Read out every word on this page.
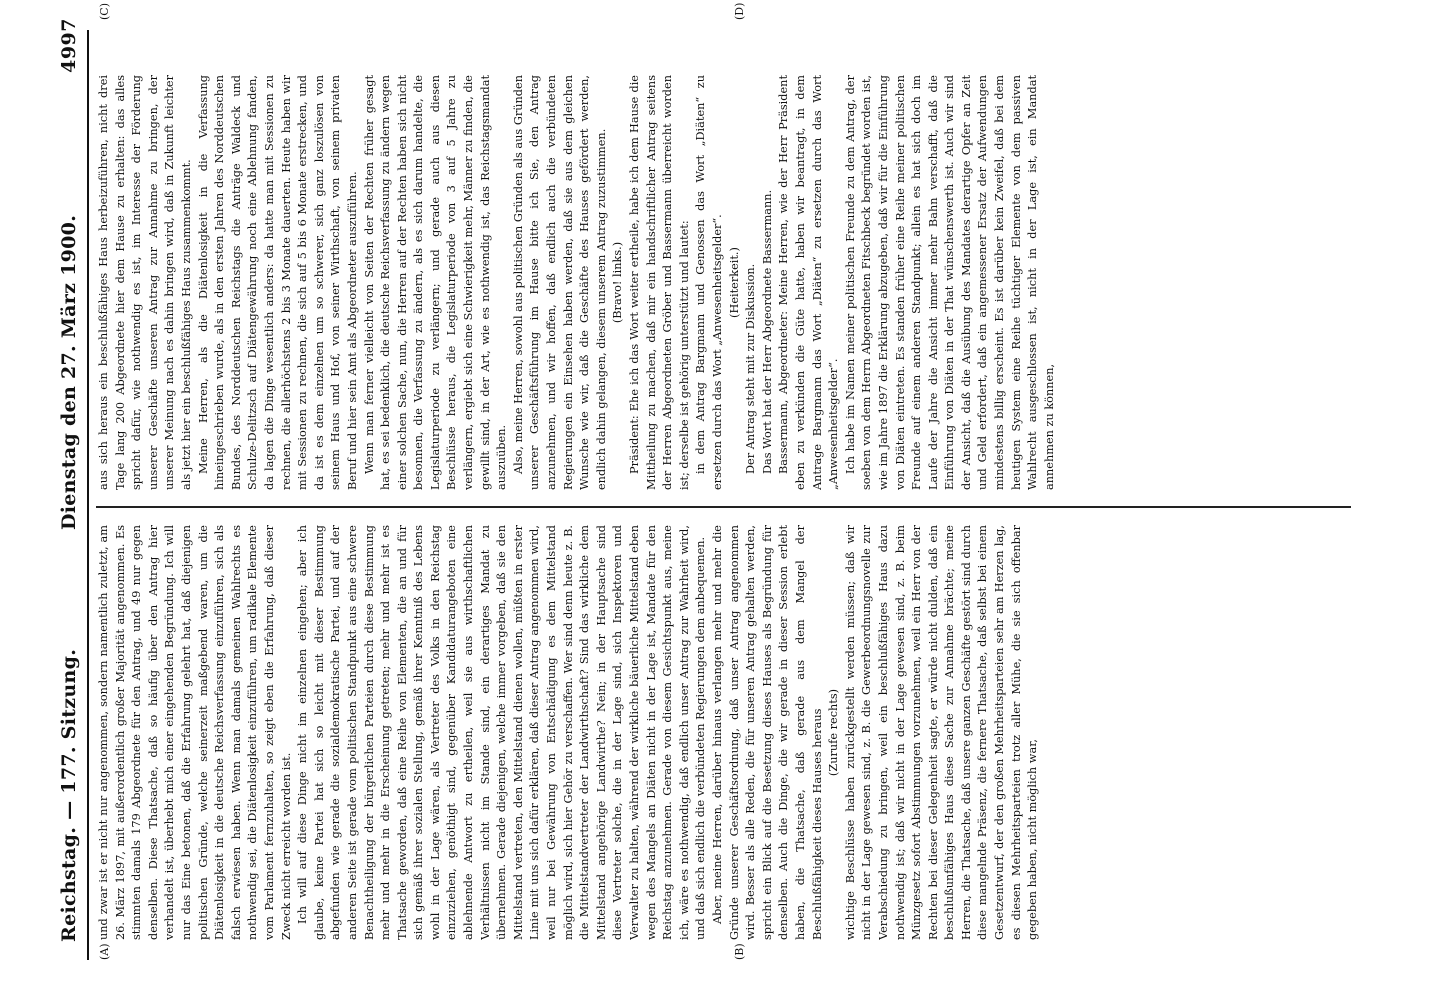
Reichstag. — 177. Sitzung.
Dienstag den 27. März 1900.
4997
(A)	(B)
(C)	(D)

und zwar ist er nicht nur angenommen, sondern namentlich zuletzt, am 26. März 1897, mit außerordentlich großer Majorität angenommen. Es stimmten damals 179 Abgeordnete für den Antrag, und 49 nur gegen denselben. Diese Thatsache, daß so häufig über den Antrag hier verhandelt ist, überhebt mich einer eingehenden Begründung. Ich will nur das Eine betonen, daß die Erfahrung gelehrt hat, daß diejenigen politischen Gründe, welche seinerzeit maßgebend waren, um die Diätenlosigkeit in die deutsche Reichsverfassung einzuführen, sich als falsch erwiesen haben. Wenn man damals gemeinen Wahlrechts es nothwendig sei, die Diätenlosigkeit einzuführen, um radikale Elemente vom Parlament fernzuhalten, so zeigt eben die Erfahrung, daß dieser Zweck nicht erreicht worden ist. Ich will auf diese Dinge nicht im einzelnen eingehen; aber ich glaube, keine Partei hat sich so leicht mit dieser Bestimmung abgefunden wie gerade die sozialdemokratische Partei, und auf der anderen Seite ist gerade vom politischen Standpunkt aus eine schwere Benachtheiligung der bürgerlichen Parteien durch diese Bestimmung mehr und mehr in die Erscheinung getreten; mehr und mehr ist es Thatsache geworden, daß eine Reihe von Elementen, die an und für sich gemäß ihrer sozialen Stellung, gemäß ihrer Kenntniß des Lebens wohl in der Lage wären, als Vertreter des Volks in den Reichstag einzuziehen, genöthigt sind, gegenüber Kandidaturangeboten eine ablehnende Antwort zu ertheilen, weil sie aus wirthschaftlichen Verhältnissen nicht im Stande sind, ein derartiges Mandat zu übernehmen. Gerade diejenigen, welche immer vorgeben, daß sie den Mittelstand vertreten, den Mittelstand dienen wollen, müßten in erster Linie mit uns sich dafür erklären, daß dieser Antrag angenommen wird, weil nur bei Gewährung von Entschädigung es dem Mittelstand möglich wird, sich hier Gehör zu verschaffen. Wer sind denn heute z. B. die Mittelstandvertreter der Landwirthschaft? Sind das wirkliche dem Mittelstand angehörige Landwirthe? Nein; in der Hauptsache sind diese Vertreter solche, die in der Lage sind, sich Inspektoren und Verwalter zu halten, während der wirkliche bäuerliche Mittelstand eben wegen des Mangels an Diäten nicht in der Lage ist, Mandate für den Reichstag anzunehmen. Gerade von diesem Gesichtspunkt aus, meine ich, wäre es nothwendig, daß endlich unser Antrag zur Wahrheit wird, und daß sich endlich die verbündeten Regierungen dem anbequemen. Aber, meine Herren, darüber hinaus verlangen mehr und mehr die Gründe unserer Geschäftsordnung, daß unser Antrag angenommen wird. Besser als alle Reden, die für unseren Antrag gehalten werden, spricht ein Blick auf die Besetzung dieses Hauses als Begründung für denselben. Auch die Dinge, die wir gerade in dieser Session erlebt haben, die Thatsache, daß gerade aus dem Mangel der Beschlußfähigkeit dieses Hauses heraus (Zurufe rechts) wichtige Beschlüsse haben zurückgestellt werden müssen; daß wir nicht in der Lage gewesen sind, z. B. die Gewerbeordnungsnovelle zur Verabschiedung zu bringen, weil ein beschlußfähiges Haus dazu nothwendig ist; daß wir nicht in der Lage gewesen sind, z. B. beim Münzgesetz sofort Abstimmungen vorzunehmen, weil ein Herr von der Rechten bei dieser Gelegenheit sagte, er würde nicht dulden, daß ein beschlußunfähiges Haus diese Sache zur Annahme brächte; meine Herren, die Thatsache, daß unsere ganzen Geschäfte gestört sind durch diese mangelnde Präsenz, die fernere Thatsache, daß selbst bei einem Gesetzentwurf, der den großen Mehrheitsparteien sehr am Herzen lag, es diesen Mehrheitsparteien trotz aller Mühe, die sie sich offenbar gegeben haben, nicht möglich war,

aus sich heraus ein beschlußfähiges Haus herbeizuführen, nicht drei Tage lang 200 Abgeordnete hier dem Hause zu erhalten: das alles spricht dafür, wie nothwendig es ist, im Interesse der Förderung unserer Geschäfte unseren Antrag zur Annahme zu bringen, der unserer Meinung nach es dahin bringen wird, daß in Zukunft leichter als jetzt hier ein beschlußfähiges Haus zusammenkommt. Meine Herren, als die Diätenlosigkeit in die Verfassung hineingeschrieben wurde, als in den ersten Jahren des Norddeutschen Bundes, des Norddeutschen Reichstags die Anträge Waldeck und Schulze-Delitzsch auf Diätengewährung noch eine Ablehnung fanden, da lagen die Dinge wesentlich anders: da hatte man mit Sessionen zu rechnen, die allerhöchstens 2 bis 3 Monate dauerten. Heute haben wir mit Sessionen zu rechnen, die sich auf 5 bis 6 Monate erstrecken, und da ist es dem einzelnen um so schwerer, sich ganz loszulösen von seinem Haus und Hof, von seiner Wirthschaft, von seinem privaten Beruf und hier sein Amt als Abgeordneter auszuführen. Wenn man ferner vielleicht von Seiten der Rechten früher gesagt hat, es sei bedenklich, die deutsche Reichsverfassung zu ändern wegen einer solchen Sache, nun, die Herren auf der Rechten haben sich nicht besonnen, die Verfassung zu ändern, als es sich darum handelte, die Legislaturperiode zu verlängern; und gerade auch aus diesen Beschlüsse heraus, die Legislaturperiode von 3 auf 5 Jahre zu verlängern, ergiebt sich eine Schwierigkeit mehr, Männer zu finden, die gewillt sind, in der Art, wie es nothwendig ist, das Reichstagsmandat auszuüben. Also, meine Herren, sowohl aus politischen Gründen als aus Gründen unserer Geschäftsführung im Hause bitte ich Sie, den Antrag anzunehmen, und wir hoffen, daß endlich auch die verbündeten Regierungen ein Einsehen haben werden, daß sie aus dem gleichen Wunsche wie wir, daß die Geschäfte des Hauses gefördert werden, endlich dahin gelangen, diesem unserem Antrag zuzustimmen. (Bravo! links.) Präsident: Ehe ich das Wort weiter ertheile, habe ich dem Hause die Mittheilung zu machen, daß mir ein handschriftlicher Antrag seitens der Herren Abgeordneten Gröber und Bassermann überreicht worden ist; derselbe ist gehörig unterstützt und lautet: in dem Antrag Bargmann und Genossen das Wort „Diäten“ zu ersetzen durch das Wort „Anwesenheitsgelder“. (Heiterkeit.) Der Antrag steht mit zur Diskussion. Das Wort hat der Herr Abgeordnete Bassermann. Bassermann, Abgeordneter: Meine Herren, wie der Herr Präsident eben zu verkünden die Güte hatte, haben wir beantragt, in dem Antrage Bargmann das Wort „Diäten“ zu ersetzen durch das Wort „Anwesenheitsgelder“. Ich habe im Namen meiner politischen Freunde zu dem Antrag, der soeben von dem Herrn Abgeordneten Fitschbeck begründet worden ist, wie im Jahre 1897 die Erklärung abzugeben, daß wir für die Einführung von Diäten eintreten. Es standen früher eine Reihe meiner politischen Freunde auf einem anderen Standpunkt; allein es hat sich doch im Laufe der Jahre die Ansicht immer mehr Bahn verschafft, daß die Einführung von Diäten in der That wünschenswerth ist. Auch wir sind der Ansicht, daß die Ausübung des Mandates derartige Opfer an Zeit und Geld erfordert, daß ein angemessener Ersatz der Aufwendungen mindestens billig erscheint. Es ist darüber kein Zweifel, daß bei dem heutigen System eine Reihe tüchtiger Elemente von dem passiven Wahlrecht ausgeschlossen ist, nicht in der Lage ist, ein Mandat annehmen zu können,
